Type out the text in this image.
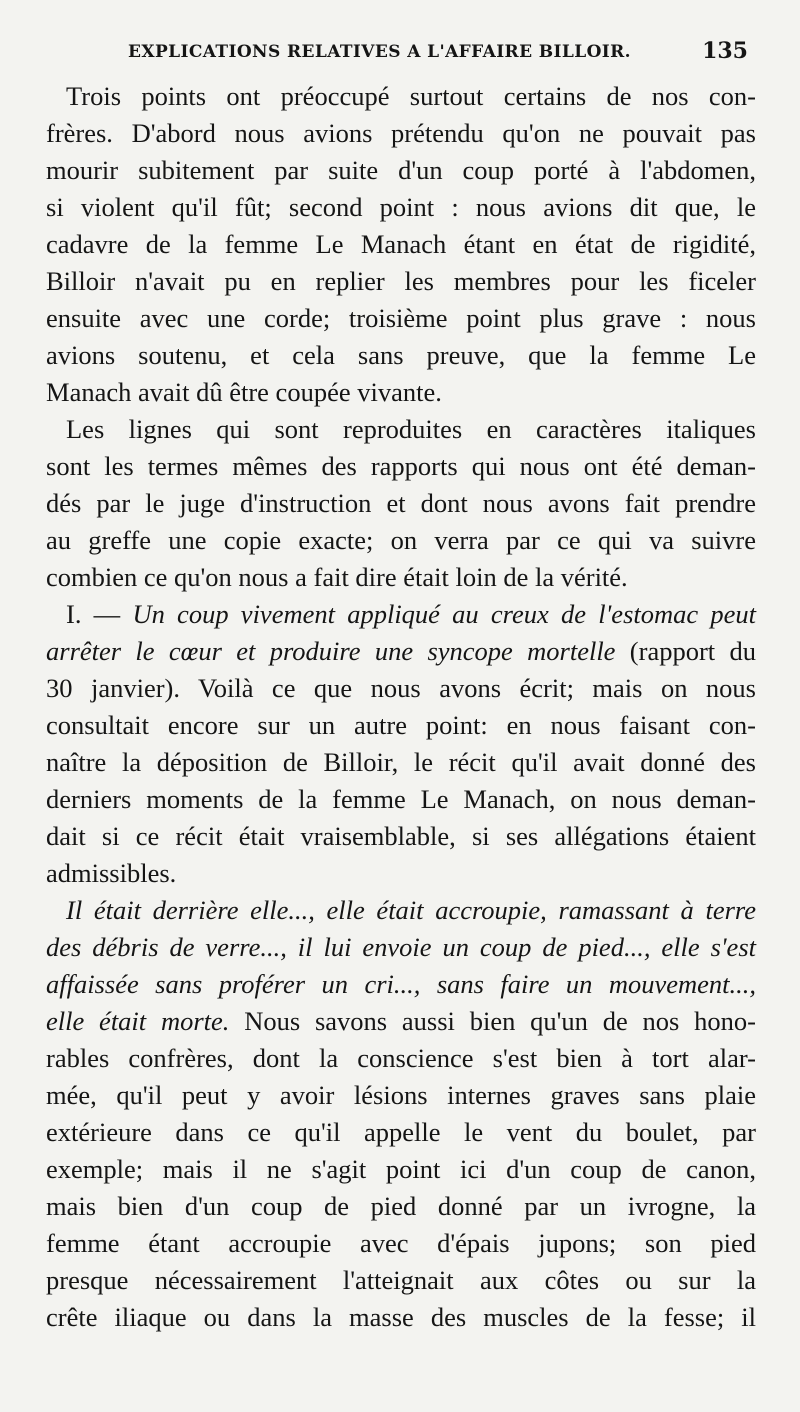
EXPLICATIONS RELATIVES A L'AFFAIRE BILLOIR.	135
Trois points ont préoccupé surtout certains de nos con-
frères. D'abord nous avions prétendu qu'on ne pouvait pas
mourir subitement par suite d'un coup porté à l'abdomen,
si violent qu'il fût; second point : nous avions dit que, le
cadavre de la femme Le Manach étant en état de rigidité,
Billoir n'avait pu en replier les membres pour les ficeler
ensuite avec une corde; troisième point plus grave : nous
avions soutenu, et cela sans preuve, que la femme Le
Manach avait dû être coupée vivante.
Les lignes qui sont reproduites en caractères italiques
sont les termes mêmes des rapports qui nous ont été deman-
dés par le juge d'instruction et dont nous avons fait prendre
au greffe une copie exacte; on verra par ce qui va suivre
combien ce qu'on nous a fait dire était loin de la vérité.
I. — Un coup vivement appliqué au creux de l'estomac peut
arrêter le cœur et produire une syncope mortelle (rapport du
30 janvier). Voilà ce que nous avons écrit; mais on nous
consultait encore sur un autre point: en nous faisant con-
naître la déposition de Billoir, le récit qu'il avait donné des
derniers moments de la femme Le Manach, on nous deman-
dait si ce récit était vraisemblable, si ses allégations étaient
admissibles.
Il était derrière elle..., elle était accroupie, ramassant à terre
des débris de verre..., il lui envoie un coup de pied..., elle s'est
affaissée sans proférer un cri..., sans faire un mouvement...,
elle était morte. Nous savons aussi bien qu'un de nos hono-
rables confrères, dont la conscience s'est bien à tort alar-
mée, qu'il peut y avoir lésions internes graves sans plaie
extérieure dans ce qu'il appelle le vent du boulet, par
exemple; mais il ne s'agit point ici d'un coup de canon,
mais bien d'un coup de pied donné par un ivrogne, la
femme étant accroupie avec d'épais jupons; son pied
presque nécessairement l'atteignait aux côtes ou sur la
crête iliaque ou dans la masse des muscles de la fesse; il
